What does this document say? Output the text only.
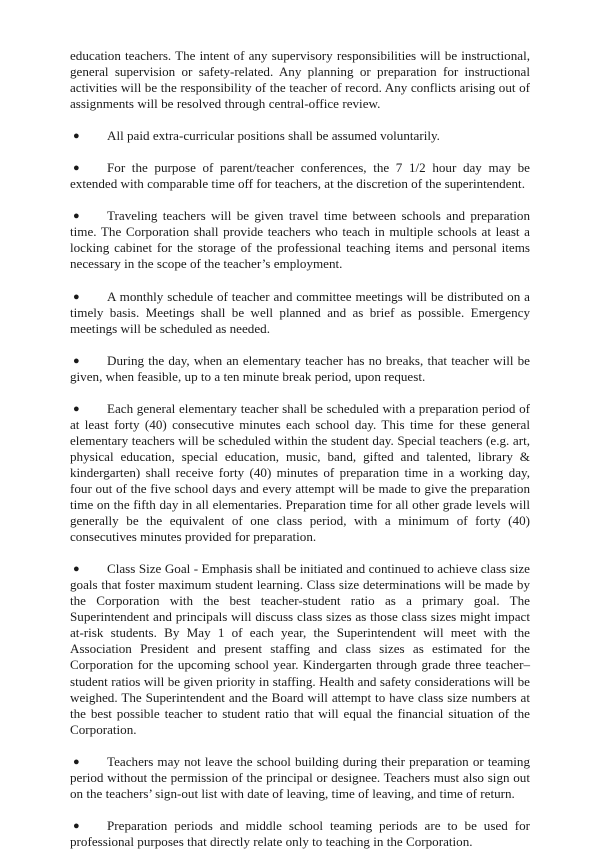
education teachers. The intent of any supervisory responsibilities will be instructional, general supervision or safety-related. Any planning or preparation for instructional activities will be the responsibility of the teacher of record. Any conflicts arising out of assignments will be resolved through central-office review.

●	All paid extra-curricular positions shall be assumed voluntarily.

●	For the purpose of parent/teacher conferences, the 7 1/2 hour day may be extended with comparable time off for teachers, at the discretion of the superintendent.

●	Traveling teachers will be given travel time between schools and preparation time. The Corporation shall provide teachers who teach in multiple schools at least a locking cabinet for the storage of the professional teaching items and personal items necessary in the scope of the teacher’s employment.

●	A monthly schedule of teacher and committee meetings will be distributed on a timely basis. Meetings shall be well planned and as brief as possible. Emergency meetings will be scheduled as needed.

●	During the day, when an elementary teacher has no breaks, that teacher will be given, when feasible, up to a ten minute break period, upon request.

●	Each general elementary teacher shall be scheduled with a preparation period of at least forty (40) consecutive minutes each school day. This time for these general elementary teachers will be scheduled within the student day. Special teachers (e.g. art, physical education, special education, music, band, gifted and talented, library & kindergarten) shall receive forty (40) minutes of preparation time in a working day, four out of the five school days and every attempt will be made to give the preparation time on the fifth day in all elementaries. Preparation time for all other grade levels will generally be the equivalent of one class period, with a minimum of forty (40) consecutives minutes provided for preparation.

●	Class Size Goal - Emphasis shall be initiated and continued to achieve class size goals that foster maximum student learning. Class size determinations will be made by the Corporation with the best teacher-student ratio as a primary goal. The Superintendent and principals will discuss class sizes as those class sizes might impact at-risk students. By May 1 of each year, the Superintendent will meet with the Association President and present staffing and class sizes as estimated for the Corporation for the upcoming school year. Kindergarten through grade three teacher–student ratios will be given priority in staffing. Health and safety considerations will be weighed. The Superintendent and the Board will attempt to have class size numbers at the best possible teacher to student ratio that will equal the financial situation of the Corporation.

●	Teachers may not leave the school building during their preparation or teaming period without the permission of the principal or designee. Teachers must also sign out on the teachers’ sign-out list with date of leaving, time of leaving, and time of return.

●	Preparation periods and middle school teaming periods are to be used for professional purposes that directly relate only to teaching in the Corporation.
